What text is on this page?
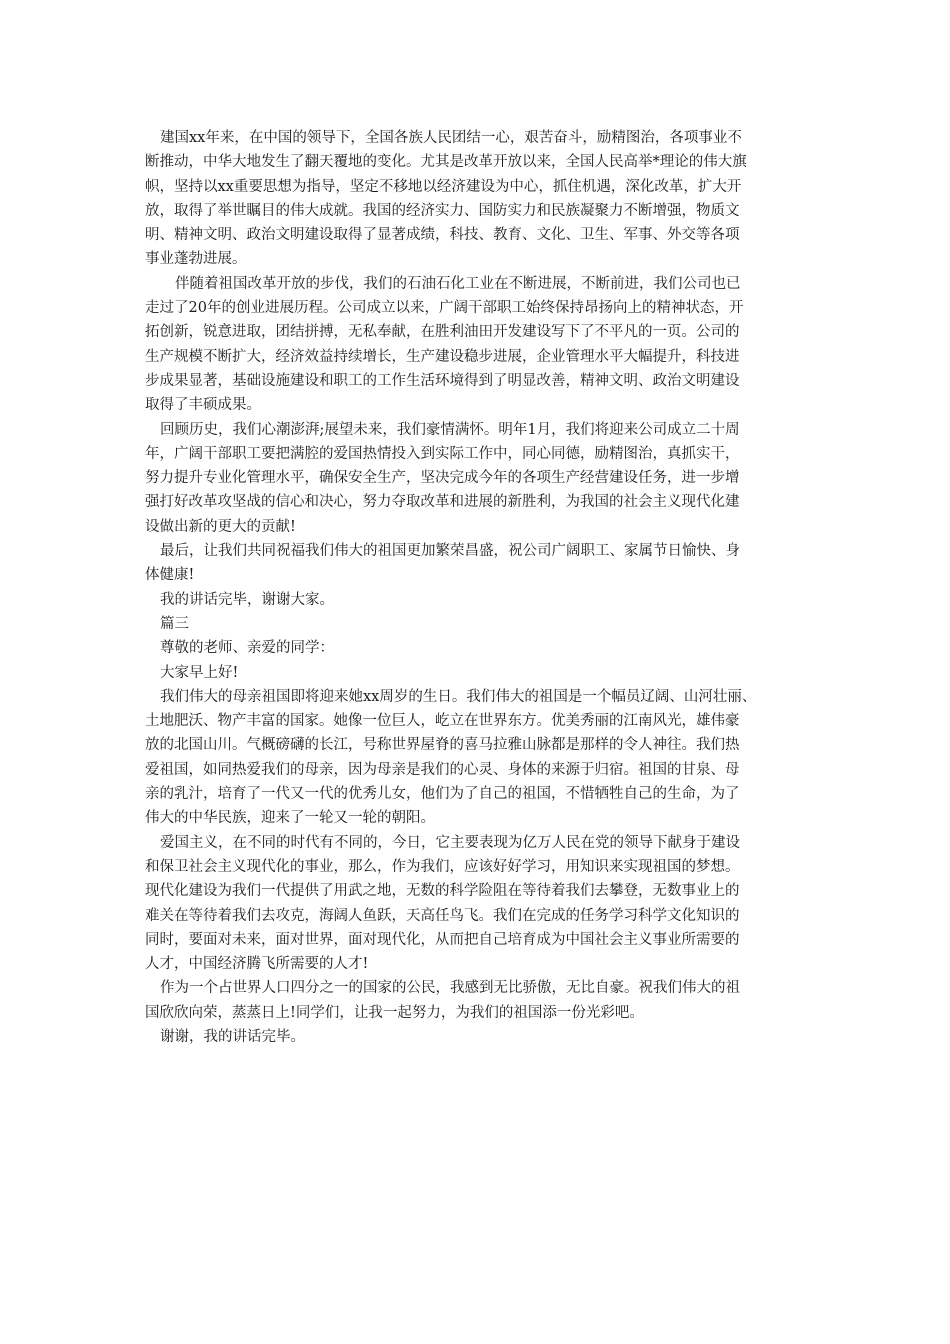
建国xx年来，在中国的领导下，全国各族人民团结一心，艰苦奋斗，励精图治，各项事业不
断推动，中华大地发生了翻天覆地的变化。尤其是改革开放以来，全国人民高举*理论的伟大旗
帜，坚持以xx重要思想为指导，坚定不移地以经济建设为中心，抓住机遇，深化改革，扩大开
放，取得了举世瞩目的伟大成就。我国的经济实力、国防实力和民族凝聚力不断增强，物质文
明、精神文明、政治文明建设取得了显著成绩，科技、教育、文化、卫生、军事、外交等各项
事业蓬勃进展。
伴随着祖国改革开放的步伐，我们的石油石化工业在不断进展，不断前进，我们公司也已
走过了20年的创业进展历程。公司成立以来，广阔干部职工始终保持昂扬向上的精神状态，开
拓创新，锐意进取，团结拼搏，无私奉献，在胜利油田开发建设写下了不平凡的一页。公司的
生产规模不断扩大，经济效益持续增长，生产建设稳步进展，企业管理水平大幅提升，科技进
步成果显著，基础设施建设和职工的工作生活环境得到了明显改善，精神文明、政治文明建设
取得了丰硕成果。
回顾历史，我们心潮澎湃;展望未来，我们豪情满怀。明年1月，我们将迎来公司成立二十周
年，广阔干部职工要把满腔的爱国热情投入到实际工作中，同心同德，励精图治，真抓实干，
努力提升专业化管理水平，确保安全生产，坚决完成今年的各项生产经营建设任务，进一步增
强打好改革攻坚战的信心和决心，努力夺取改革和进展的新胜利，为我国的社会主义现代化建
设做出新的更大的贡献!
最后，让我们共同祝福我们伟大的祖国更加繁荣昌盛，祝公司广阔职工、家属节日愉快、身
体健康!
我的讲话完毕，谢谢大家。
篇三
尊敬的老师、亲爱的同学：
大家早上好!
我们伟大的母亲祖国即将迎来她xx周岁的生日。我们伟大的祖国是一个幅员辽阔、山河壮丽、
土地肥沃、物产丰富的国家。她像一位巨人，屹立在世界东方。优美秀丽的江南风光，雄伟豪
放的北国山川。气概磅礴的长江，号称世界屋脊的喜马拉雅山脉都是那样的令人神往。我们热
爱祖国，如同热爱我们的母亲，因为母亲是我们的心灵、身体的来源于归宿。祖国的甘泉、母
亲的乳汁，培育了一代又一代的优秀儿女，他们为了自己的祖国，不惜牺牲自己的生命，为了
伟大的中华民族，迎来了一轮又一轮的朝阳。
爱国主义，在不同的时代有不同的，今日，它主要表现为亿万人民在党的领导下献身于建设
和保卫社会主义现代化的事业，那么，作为我们，应该好好学习，用知识来实现祖国的梦想。
现代化建设为我们一代提供了用武之地，无数的科学险阻在等待着我们去攀登，无数事业上的
难关在等待着我们去攻克，海阔人鱼跃，天高任鸟飞。我们在完成的任务学习科学文化知识的
同时，要面对未来，面对世界，面对现代化，从而把自己培育成为中国社会主义事业所需要的
人才，中国经济腾飞所需要的人才!
作为一个占世界人口四分之一的国家的公民，我感到无比骄傲，无比自豪。祝我们伟大的祖
国欣欣向荣，蒸蒸日上!同学们，让我一起努力，为我们的祖国添一份光彩吧。
谢谢，我的讲话完毕。
